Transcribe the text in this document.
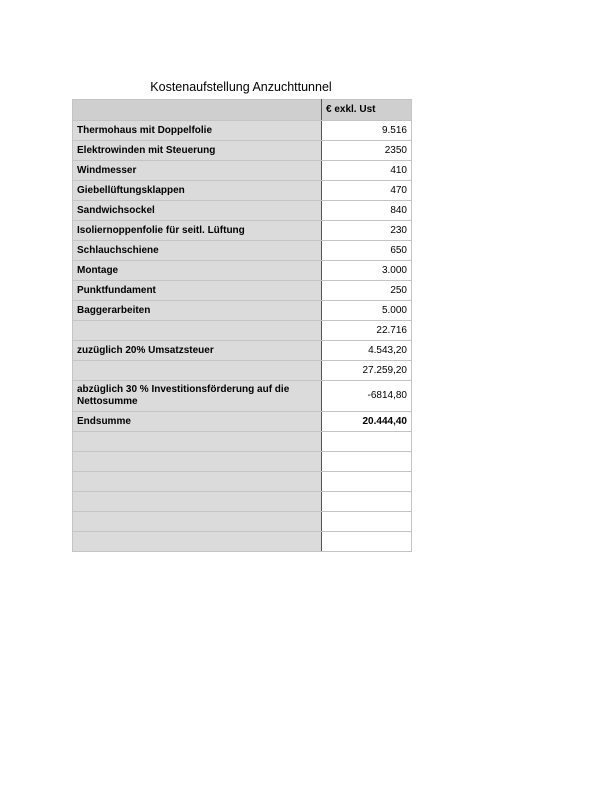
Kostenaufstellung Anzuchttunnel
	€ exkl. Ust
Thermohaus mit Doppelfolie	9.516
Elektrowinden mit Steuerung	2350
Windmesser	410
Giebellüftungsklappen	470
Sandwichsockel	840
Isoliernoppenfolie für seitl. Lüftung	230
Schlauchschiene	650
Montage	3.000
Punktfundament	250
Baggerarbeiten	5.000
	22.716
zuzüglich 20% Umsatzsteuer	4.543,20
	27.259,20
abzüglich 30 % Investitionsförderung auf die Nettosumme	-6814,80
Endsumme	20.444,40
